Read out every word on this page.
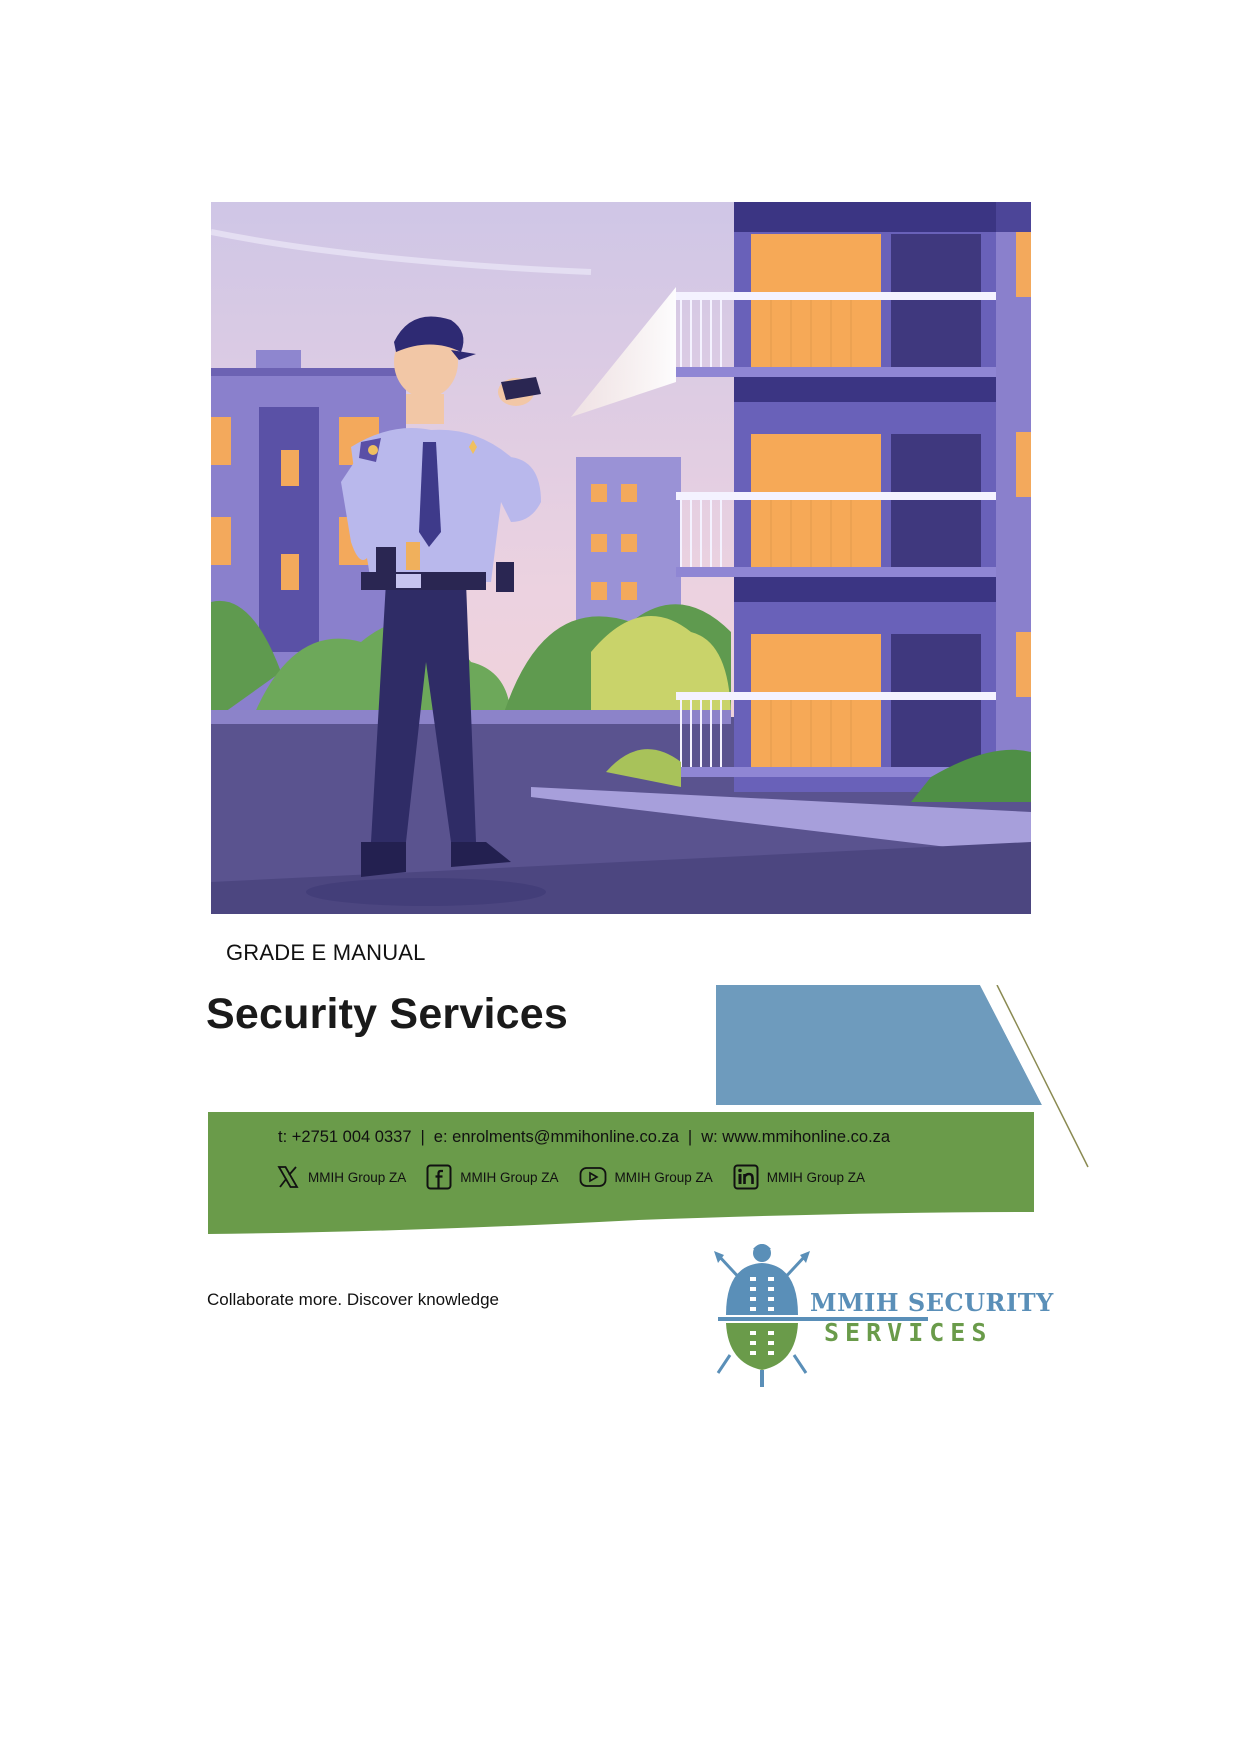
GRADE E MANUAL
Security Services
t: +2751 004 0337 | e: enrolments@mmihonline.co.za | w: www.mmihonline.co.za
MMIH Group ZA	MMIH Group ZA	MMIH Group ZA	MMIH Group ZA
Collaborate more. Discover knowledge	MMIH SECURITY
SERVICES
